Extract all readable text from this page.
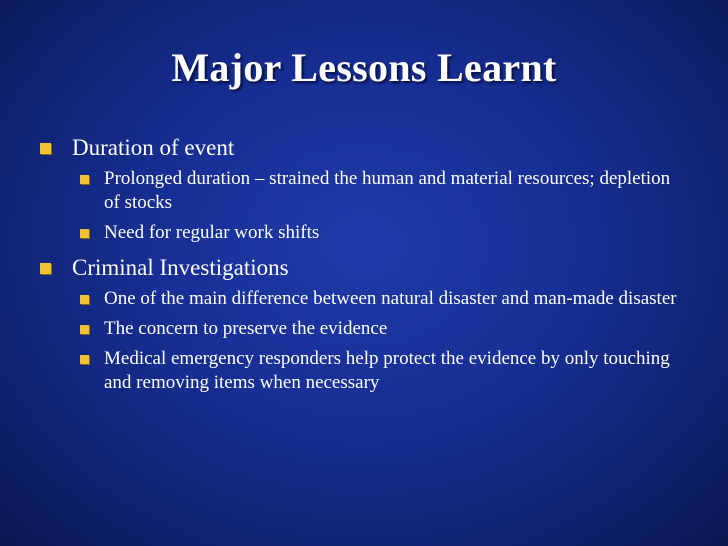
Major Lessons Learnt
Duration of event
Prolonged duration – strained the human and material resources; depletion of stocks
Need for regular work shifts
Criminal Investigations
One of the main difference between natural disaster and man-made disaster
The concern to preserve the evidence
Medical emergency responders help protect the evidence by only touching and removing items when necessary
